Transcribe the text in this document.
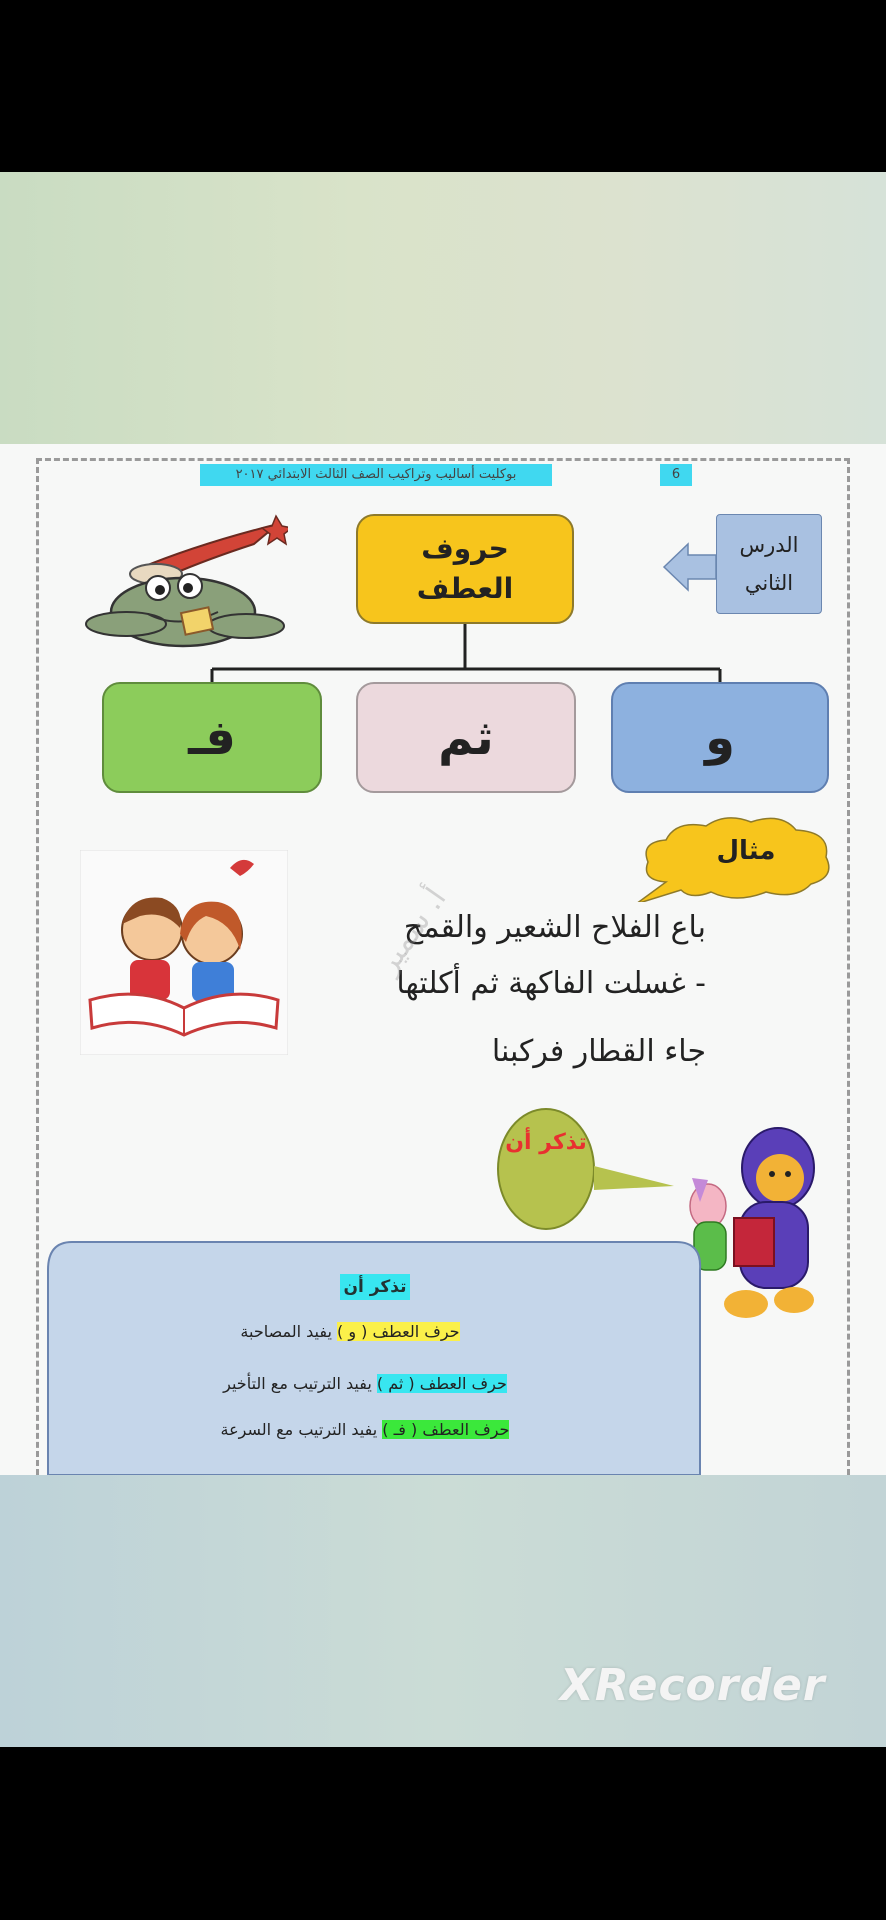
بوكليت أساليب وتراكيب الصف الثالث الابتدائي ٢٠١٧	6
الدرس
الثاني
حروف
العطف
و
ثم
فـ
مثال
باع الفلاح الشعير والقمح
- غسلت الفاكهة ثم أكلتها
جاء القطار فركبنا
أ. سمير
تذكر أن
تذكر أن
حرف العطف ( و ) يفيد المصاحبة
حرف العطف ( ثم ) يفيد الترتيب مع التأخير
حرف العطف ( فـ ) يفيد الترتيب مع السرعة
XRecorder
